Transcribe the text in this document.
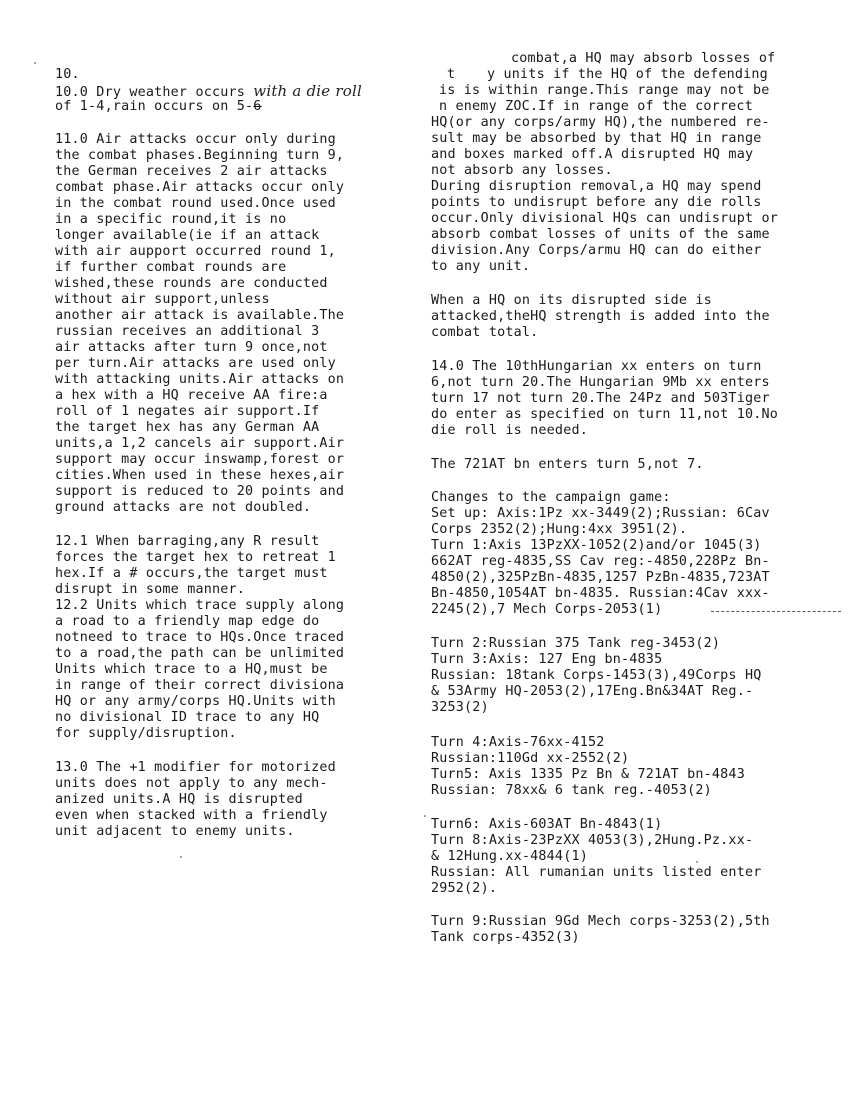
10.
10.0 Dry weather occurs with a die roll
of 1-4,rain occurs on 5-6
11.0 Air attacks occur only during
the combat phases.Beginning turn 9,
the German receives 2 air attacks
combat phase.Air attacks occur only
in the combat round used.Once used
in a specific round,it is no
longer available(ie if an attack
with air aupport occurred round 1,
if further combat rounds are
wished,these rounds are conducted
without air support,unless
another air attack is available.The
russian receives an additional 3
air attacks after turn 9 once,not
per turn.Air attacks are used only
with attacking units.Air attacks on
a hex with a HQ receive AA fire:a
roll of 1 negates air support.If
the target hex has any German AA
units,a 1,2 cancels air support.Air
support may occur inswamp,forest or
cities.When used in these hexes,air
support is reduced to 20 points and
ground attacks are not doubled.
12.1 When barraging,any R result
forces the target hex to retreat 1
hex.If a # occurs,the target must
disrupt in some manner.
12.2 Units which trace supply along
a road to a friendly map edge do
notneed to trace to HQs.Once traced
to a road,the path can be unlimited
Units which trace to a HQ,must be
in range of their correct divisiona
HQ or any army/corps HQ.Units with
no divisional ID trace to any HQ
for supply/disruption.
13.0 The +1 modifier for motorized
units does not apply to any mech-
anized units.A HQ is disrupted
even when stacked with a friendly
unit adjacent to enemy units.
combat,a HQ may absorb losses of
t y units if the HQ of the defending
is is within range.This range may not be
n enemy ZOC.If in range of the correct
HQ(or any corps/army HQ),the numbered re-
sult may be absorbed by that HQ in range
and boxes marked off.A disrupted HQ may
not absorb any losses.
During disruption removal,a HQ may spend
points to undisrupt before any die rolls
occur.Only divisional HQs can undisrupt or
absorb combat losses of units of the same
division.Any Corps/armu HQ can do either
to any unit.
When a HQ on its disrupted side is
attacked,theHQ strength is added into the
combat total.
14.0 The 10thHungarian xx enters on turn
6,not turn 20.The Hungarian 9Mb xx enters
turn 17 not turn 20.The 24Pz and 503Tiger
do enter as specified on turn 11,not 10.No
die roll is needed.
The 721AT bn enters turn 5,not 7.
Changes to the campaign game:
Set up: Axis:1Pz xx-3449(2);Russian: 6Cav
Corps 2352(2);Hung:4xx 3951(2).
Turn 1:Axis 13PzXX-1052(2)and/or 1045(3)
662AT reg-4835,SS Cav reg:-4850,228Pz Bn-
4850(2),325PzBn-4835,1257 PzBn-4835,723AT
Bn-4850,1054AT bn-4835. Russian:4Cav xxx-
2245(2),7 Mech Corps-2053(1)
Turn 2:Russian 375 Tank reg-3453(2)
Turn 3:Axis: 127 Eng bn-4835
Russian: 18tank Corps-1453(3),49Corps HQ
& 53Army HQ-2053(2),17Eng.Bn&34AT Reg.-
3253(2)
Turn 4:Axis-76xx-4152
Russian:110Gd xx-2552(2)
Turn5: Axis 1335 Pz Bn & 721AT bn-4843
Russian: 78xx& 6 tank reg.-4053(2)
Turn6: Axis-603AT Bn-4843(1)
Turn 8:Axis-23PzXX 4053(3),2Hung.Pz.xx-
& 12Hung.xx-4844(1)
Russian: All rumanian units listed enter
2952(2).
Turn 9:Russian 9Gd Mech corps-3253(2),5th
Tank corps-4352(3)
